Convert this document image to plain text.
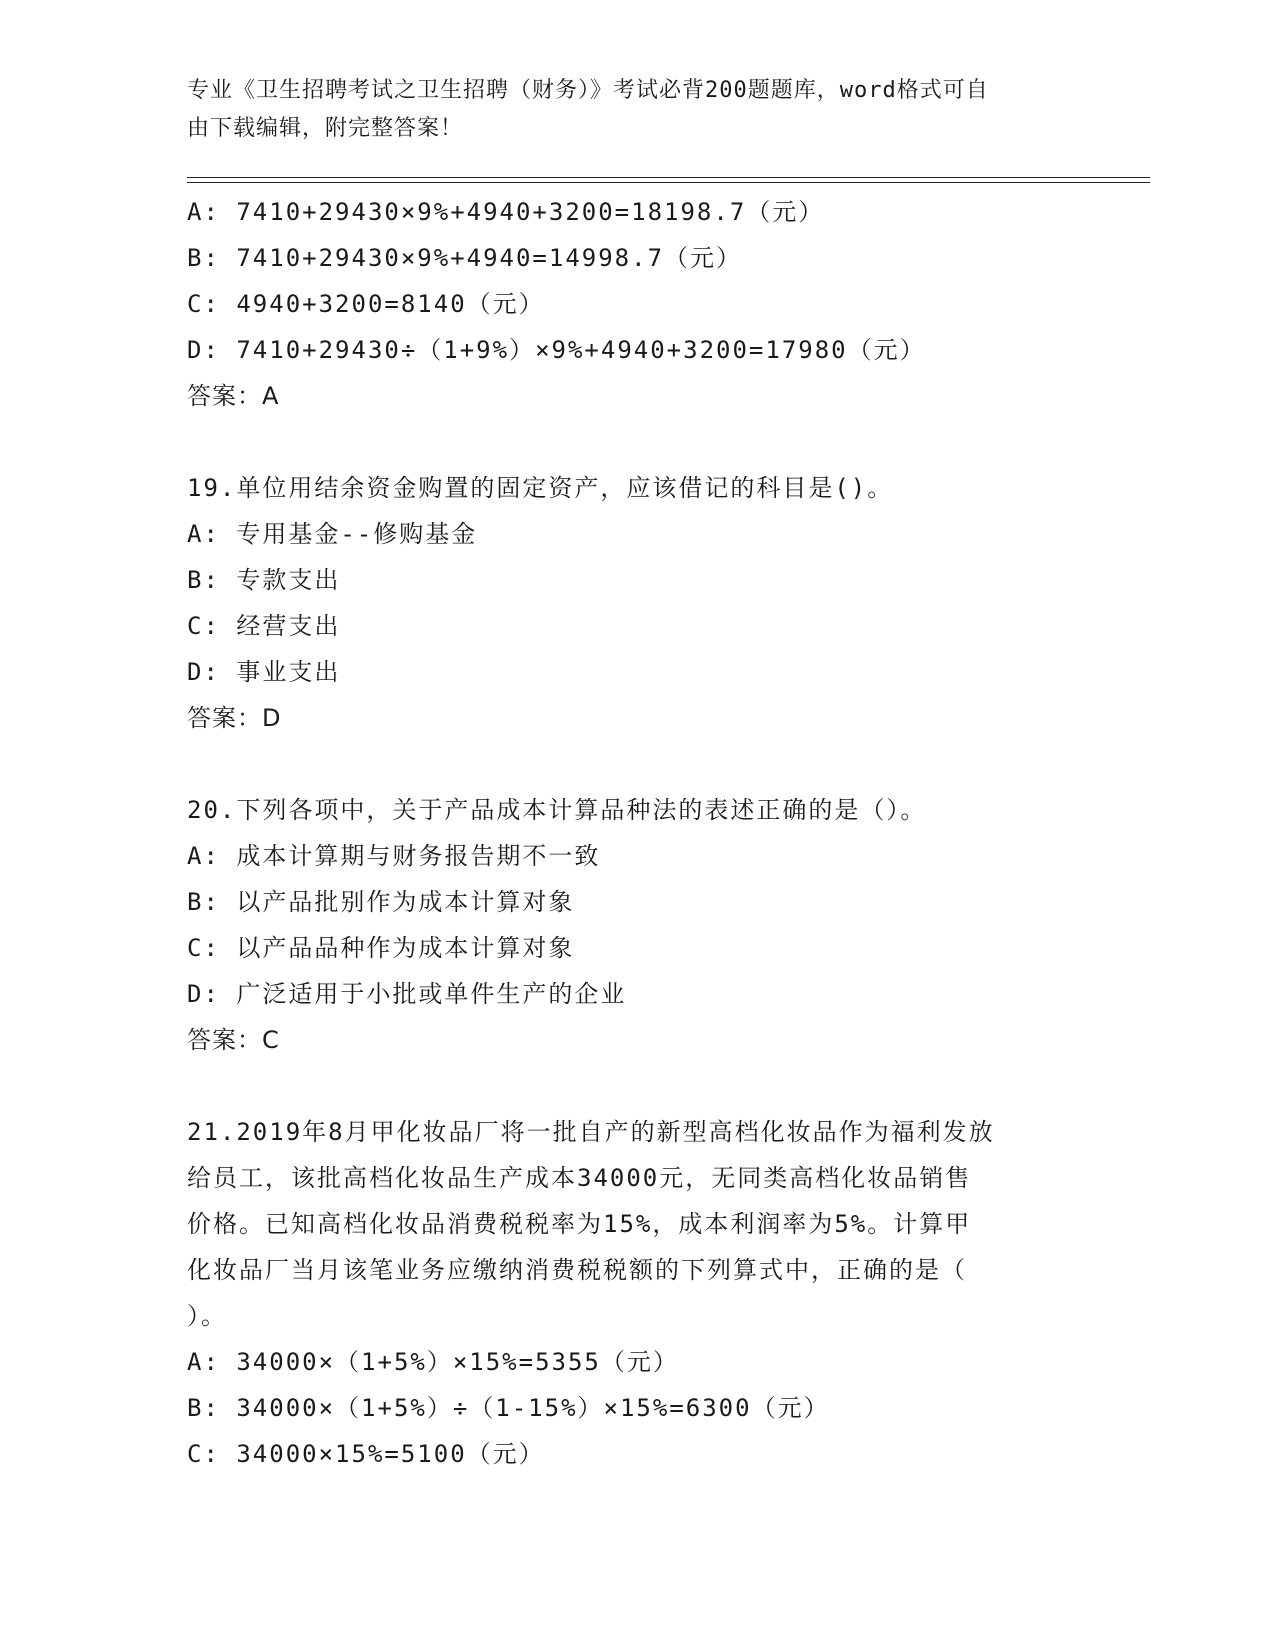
专业《卫生招聘考试之卫生招聘（财务）》考试必背200题题库，word格式可自
由下载编辑，附完整答案！
A: 7410+29430×9%+4940+3200=18198.7（元）
B: 7410+29430×9%+4940=14998.7（元）
C: 4940+3200=8140（元）
D: 7410+29430÷（1+9%）×9%+4940+3200=17980（元）
答案：A
19.单位用结余资金购置的固定资产，应该借记的科目是()。
A: 专用基金--修购基金
B: 专款支出
C: 经营支出
D: 事业支出
答案：D
20.下列各项中，关于产品成本计算品种法的表述正确的是（）。
A: 成本计算期与财务报告期不一致
B: 以产品批别作为成本计算对象
C: 以产品品种作为成本计算对象
D: 广泛适用于小批或单件生产的企业
答案：C
21.2019年8月甲化妆品厂将一批自产的新型高档化妆品作为福利发放
给员工，该批高档化妆品生产成本34000元，无同类高档化妆品销售
价格。已知高档化妆品消费税税率为15%，成本利润率为5%。计算甲
化妆品厂当月该笔业务应缴纳消费税税额的下列算式中，正确的是（
）。
A: 34000×（1+5%）×15%=5355（元）
B: 34000×（1+5%）÷（1-15%）×15%=6300（元）
C: 34000×15%=5100（元）
